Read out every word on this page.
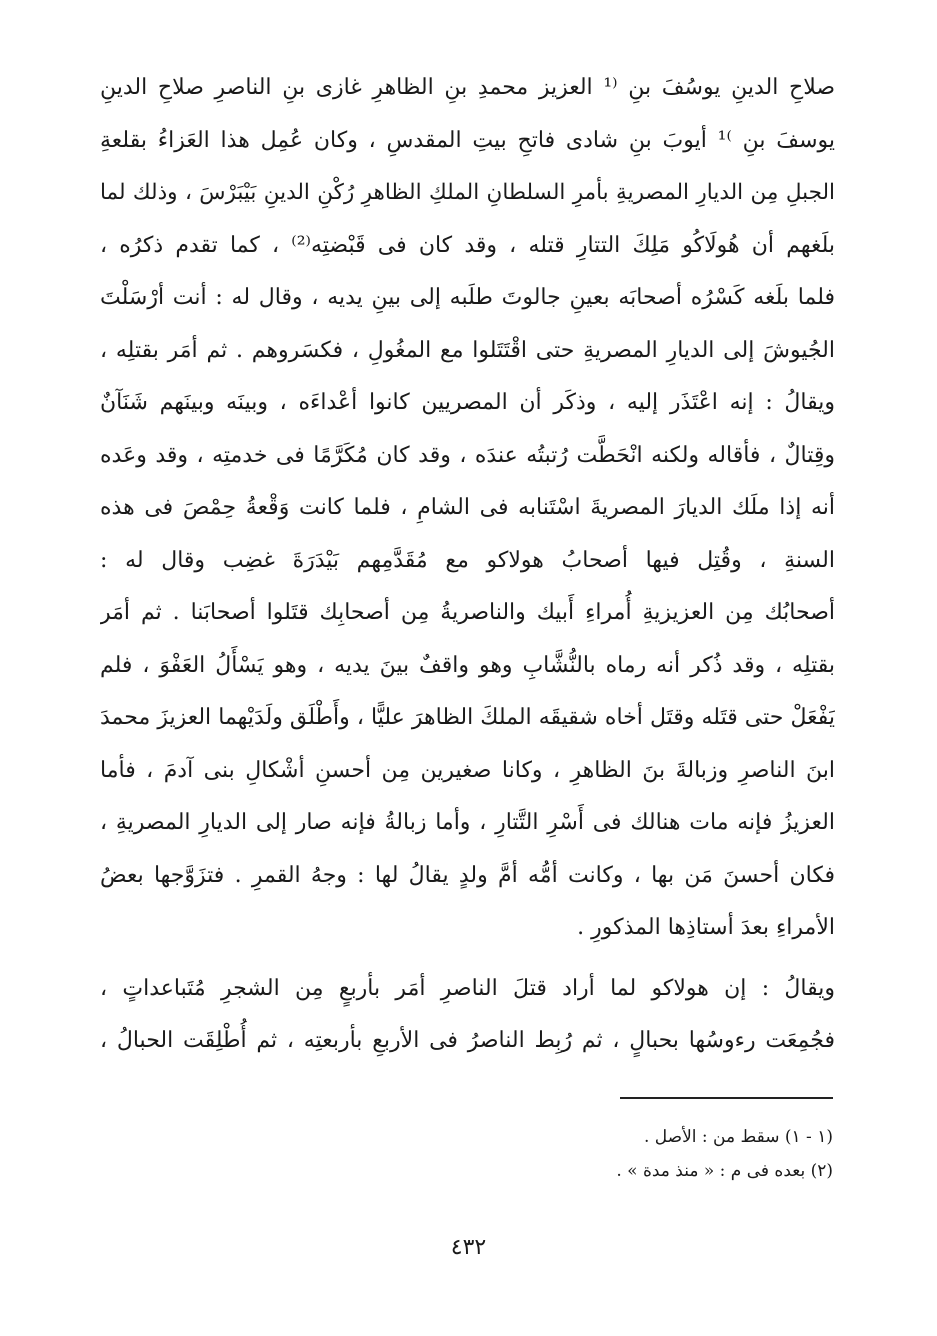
صلاحِ الدينِ يوسُفَ بنِ ⁽¹ العزيز محمدِ بنِ الظاهرِ غازى بنِ الناصرِ صلاحِ الدينِ
يوسفَ بنِ ⁾¹ أيوبَ بنِ شادى فاتحِ بيتِ المقدسِ ، وكان عُمِل هذا العَزاءُ بقلعةِ
الجبلِ مِن الديارِ المصريةِ بأمرِ السلطانِ الملكِ الظاهرِ رُكْنِ الدينِ بَيْبَرْسَ ، وذلك لما
بلَغهم أن هُولَاكُو مَلِكَ التتارِ قتله ، وقد كان فى قَبْضتِه⁽²⁾ ، كما تقدم ذكرُه ،
فلما بلَغه كَسْرُه أصحابَه بعينِ جالوتَ طلَبه إلى بينِ يديه ، وقال له : أنت أرْسَلْتَ
الجُيوشَ إلى الديارِ المصريةِ حتى اقْتَتَلوا مع المغُولِ ، فكسَروهم . ثم أمَر بقتلِه ،
ويقالُ : إنه اعْتَذَر إليه ، وذكَر أن المصريين كانوا أعْداءَه ، وبينَه وبينَهم شَنَآنٌ
وقِتالٌ ، فأقاله ولكنه انْحَطَّت رُتبتُه عندَه ، وقد كان مُكَرَّمًا فى خدمتِه ، وقد وعَده
أنه إذا ملَك الديارَ المصريةَ اسْتَنابه فى الشامِ ، فلما كانت وَقْعةُ حِمْصَ فى هذه
السنةِ ، وقُتِل فيها أصحابُ هولاكو مع مُقَدَّمِهم بَيْدَرَةَ غضِب وقال له :
أصحابُك مِن العزيزيةِ أُمراءِ أَبيك والناصريةُ مِن أصحابِك قتَلوا أصحابَنا . ثم أمَر
بقتلِه ، وقد ذُكر أنه رماه بالنُّشَّابِ وهو واقفٌ بينَ يديه ، وهو يَسْأَلُ العَفْوَ ، فلم
يَفْعَلْ حتى قتَله وقتَل أخاه شقيقَه الملكَ الظاهرَ عليًّا ، وأَطْلَق ولَدَيْهما العزيزَ محمدَ
ابنَ الناصرِ وزبالةَ بنَ الظاهرِ ، وكانا صغيرين مِن أحسنِ أشْكالِ بنى آدمَ ، فأما
العزيزُ فإنه مات هنالك فى أَسْرِ التَّتارِ ، وأما زبالةُ فإنه صار إلى الديارِ المصريةِ ،
فكان أحسنَ مَن بها ، وكانت أمُّه أمَّ ولدٍ يقالُ لها : وجهُ القمرِ . فتزَوَّجها بعضُ
الأمراءِ بعدَ أستاذِها المذكورِ .
ويقالُ : إن هولاكو لما أراد قتلَ الناصرِ أمَر بأربعٍ مِن الشجرِ مُتَباعداتٍ ،
فجُمِعَت رءوسُها بحبالٍ ، ثم رُبِط الناصرُ فى الأربعِ بأربعتِه ، ثم أُطْلِقَت الحبالُ ،
(١ - ١) سقط من : الأصل .
(٢) بعده فى م : « منذ مدة » .
٤٣٢
